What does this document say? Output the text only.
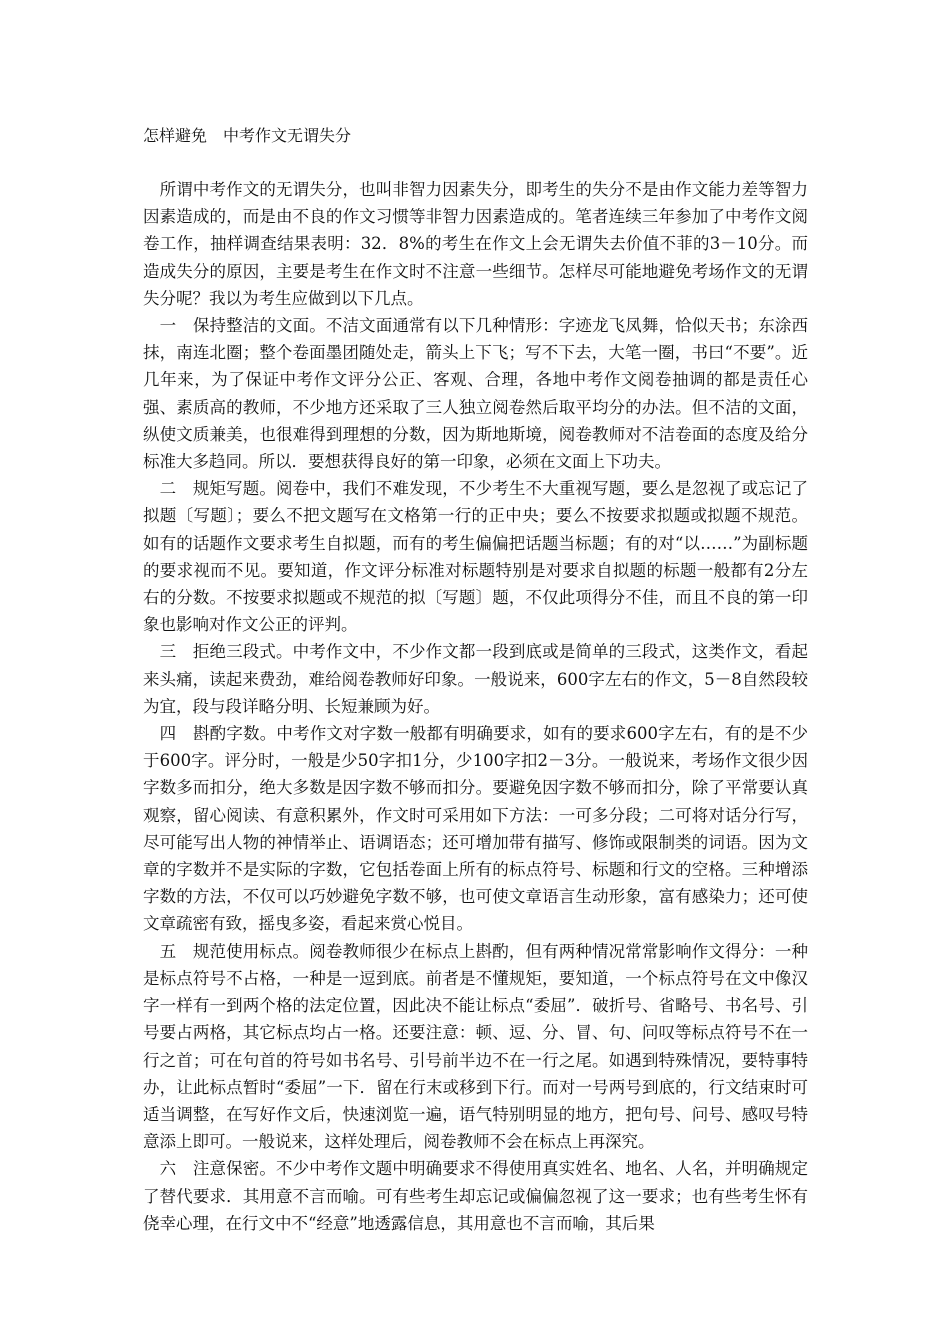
怎样避免　中考作文无谓失分

　所谓中考作文的无谓失分，也叫非智力因素失分，即考生的失分不是由作文能力差等智力因素造成的，而是由不良的作文习惯等非智力因素造成的。笔者连续三年参加了中考作文阅卷工作，抽样调查结果表明：32．8%的考生在作文上会无谓失去价值不菲的3－10分。而造成失分的原因，主要是考生在作文时不注意一些细节。怎样尽可能地避免考场作文的无谓失分呢？我以为考生应做到以下几点。

　一　保持整洁的文面。不洁文面通常有以下几种情形：字迹龙飞凤舞，恰似天书；东涂西抹，南连北圈；整个卷面墨团随处走，箭头上下飞；写不下去，大笔一圈，书曰“不要”。近几年来，为了保证中考作文评分公正、客观、合理，各地中考作文阅卷抽调的都是责任心强、素质高的教师，不少地方还采取了三人独立阅卷然后取平均分的办法。但不洁的文面，纵使文质兼美，也很难得到理想的分数，因为斯地斯境，阅卷教师对不洁卷面的态度及给分标准大多趋同。所以．要想获得良好的第一印象，必须在文面上下功夫。

　二　规矩写题。阅卷中，我们不难发现，不少考生不大重视写题，要么是忽视了或忘记了拟题〔写题〕；要么不把文题写在文格第一行的正中央；要么不按要求拟题或拟题不规范。如有的话题作文要求考生自拟题，而有的考生偏偏把话题当标题；有的对“以……”为副标题的要求视而不见。要知道，作文评分标准对标题特别是对要求自拟题的标题一般都有2分左右的分数。不按要求拟题或不规范的拟〔写题〕题，不仅此项得分不佳，而且不良的第一印象也影响对作文公正的评判。

　三　拒绝三段式。中考作文中，不少作文都一段到底或是简单的三段式，这类作文，看起来头痛，读起来费劲，难给阅卷教师好印象。一般说来，600字左右的作文，5－8自然段较为宜，段与段详略分明、长短兼顾为好。

　四　斟酌字数。中考作文对字数一般都有明确要求，如有的要求600字左右，有的是不少于600字。评分时，一般是少50字扣1分，少100字扣2－3分。一般说来，考场作文很少因字数多而扣分，绝大多数是因字数不够而扣分。要避免因字数不够而扣分，除了平常要认真观察，留心阅读、有意积累外，作文时可采用如下方法：一可多分段；二可将对话分行写，尽可能写出人物的神情举止、语调语态；还可增加带有描写、修饰或限制类的词语。因为文章的字数并不是实际的字数，它包括卷面上所有的标点符号、标题和行文的空格。三种增添字数的方法，不仅可以巧妙避免字数不够，也可使文章语言生动形象，富有感染力；还可使文章疏密有致，摇曳多姿，看起来赏心悦目。

　五　规范使用标点。阅卷教师很少在标点上斟酌，但有两种情况常常影响作文得分：一种是标点符号不占格，一种是一逗到底。前者是不懂规矩，要知道，一个标点符号在文中像汉字一样有一到两个格的法定位置，因此决不能让标点“委屈”．破折号、省略号、书名号、引号要占两格，其它标点均占一格。还要注意：顿、逗、分、冒、句、问叹等标点符号不在一行之首；可在句首的符号如书名号、引号前半边不在一行之尾。如遇到特殊情况，要特事特办，让此标点暂时“委屈”一下．留在行末或移到下行。而对一号两号到底的，行文结束时可适当调整，在写好作文后，快速浏览一遍，语气特别明显的地方，把句号、问号、感叹号特意添上即可。一般说来，这样处理后，阅卷教师不会在标点上再深究。

　六　注意保密。不少中考作文题中明确要求不得使用真实姓名、地名、人名，并明确规定了替代要求．其用意不言而喻。可有些考生却忘记或偏偏忽视了这一要求；也有些考生怀有侥幸心理，在行文中不“经意”地透露信息，其用意也不言而喻，其后果
